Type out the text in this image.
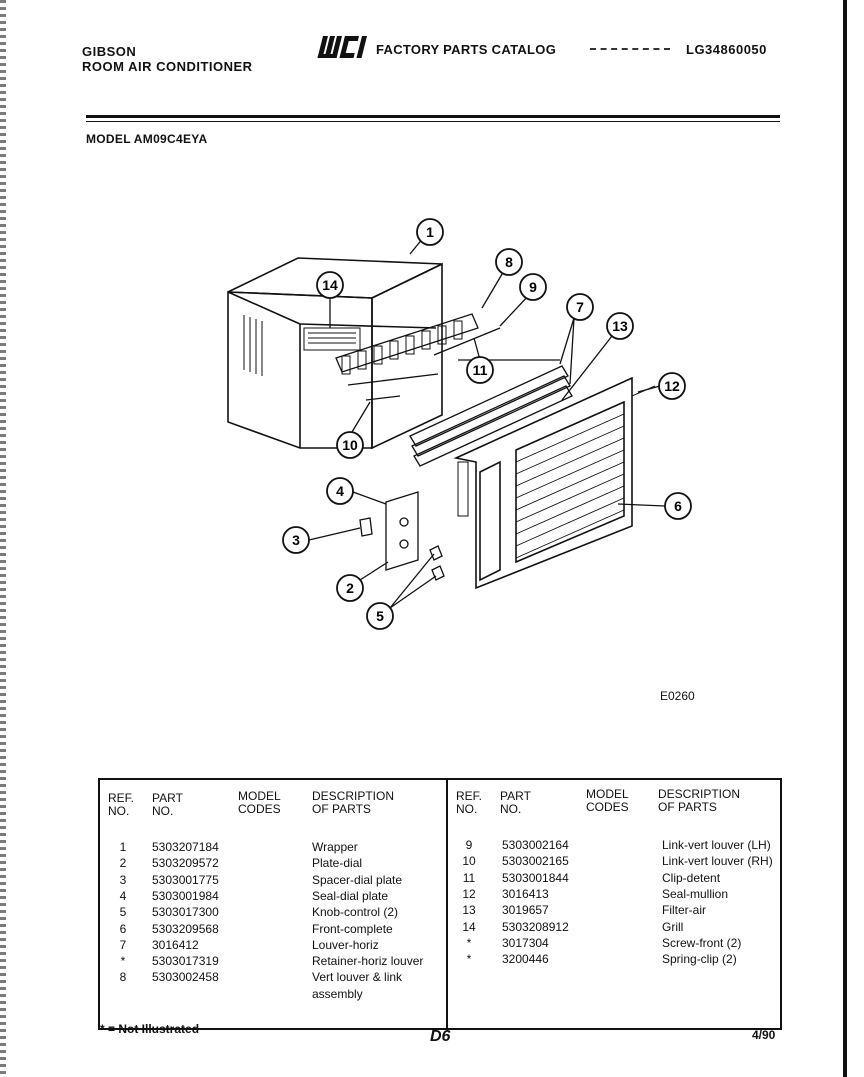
GIBSON
ROOM AIR CONDITIONER
FACTORY PARTS CATALOG	LG34860050
MODEL AM09C4EYA
1
14
8
9
11
7
13
12
10
6
4
3
2
5
E0260
REF.
NO.
PART
NO.
MODEL
CODES
DESCRIPTION
OF PARTS
REF.
NO.
PART
NO.
MODEL
CODES
DESCRIPTION
OF PARTS
1	5303207184	Wrapper
2	5303209572	Plate-dial
3	5303001775	Spacer-dial plate
4	5303001984	Seal-dial plate
5	5303017300	Knob-control (2)
6	5303209568	Front-complete
7	3016412	Louver-horiz
*	5303017319	Retainer-horiz louver
8	5303002458	Vert louver & link
assembly
9	5303002164	Link-vert louver (LH)
10	5303002165	Link-vert louver (RH)
11	5303001844	Clip-detent
12	3016413	Seal-mullion
13	3019657	Filter-air
14	5303208912	Grill
*	3017304	Screw-front (2)
*	3200446	Spring-clip (2)
* = Not Illustrated	D6	4/90
